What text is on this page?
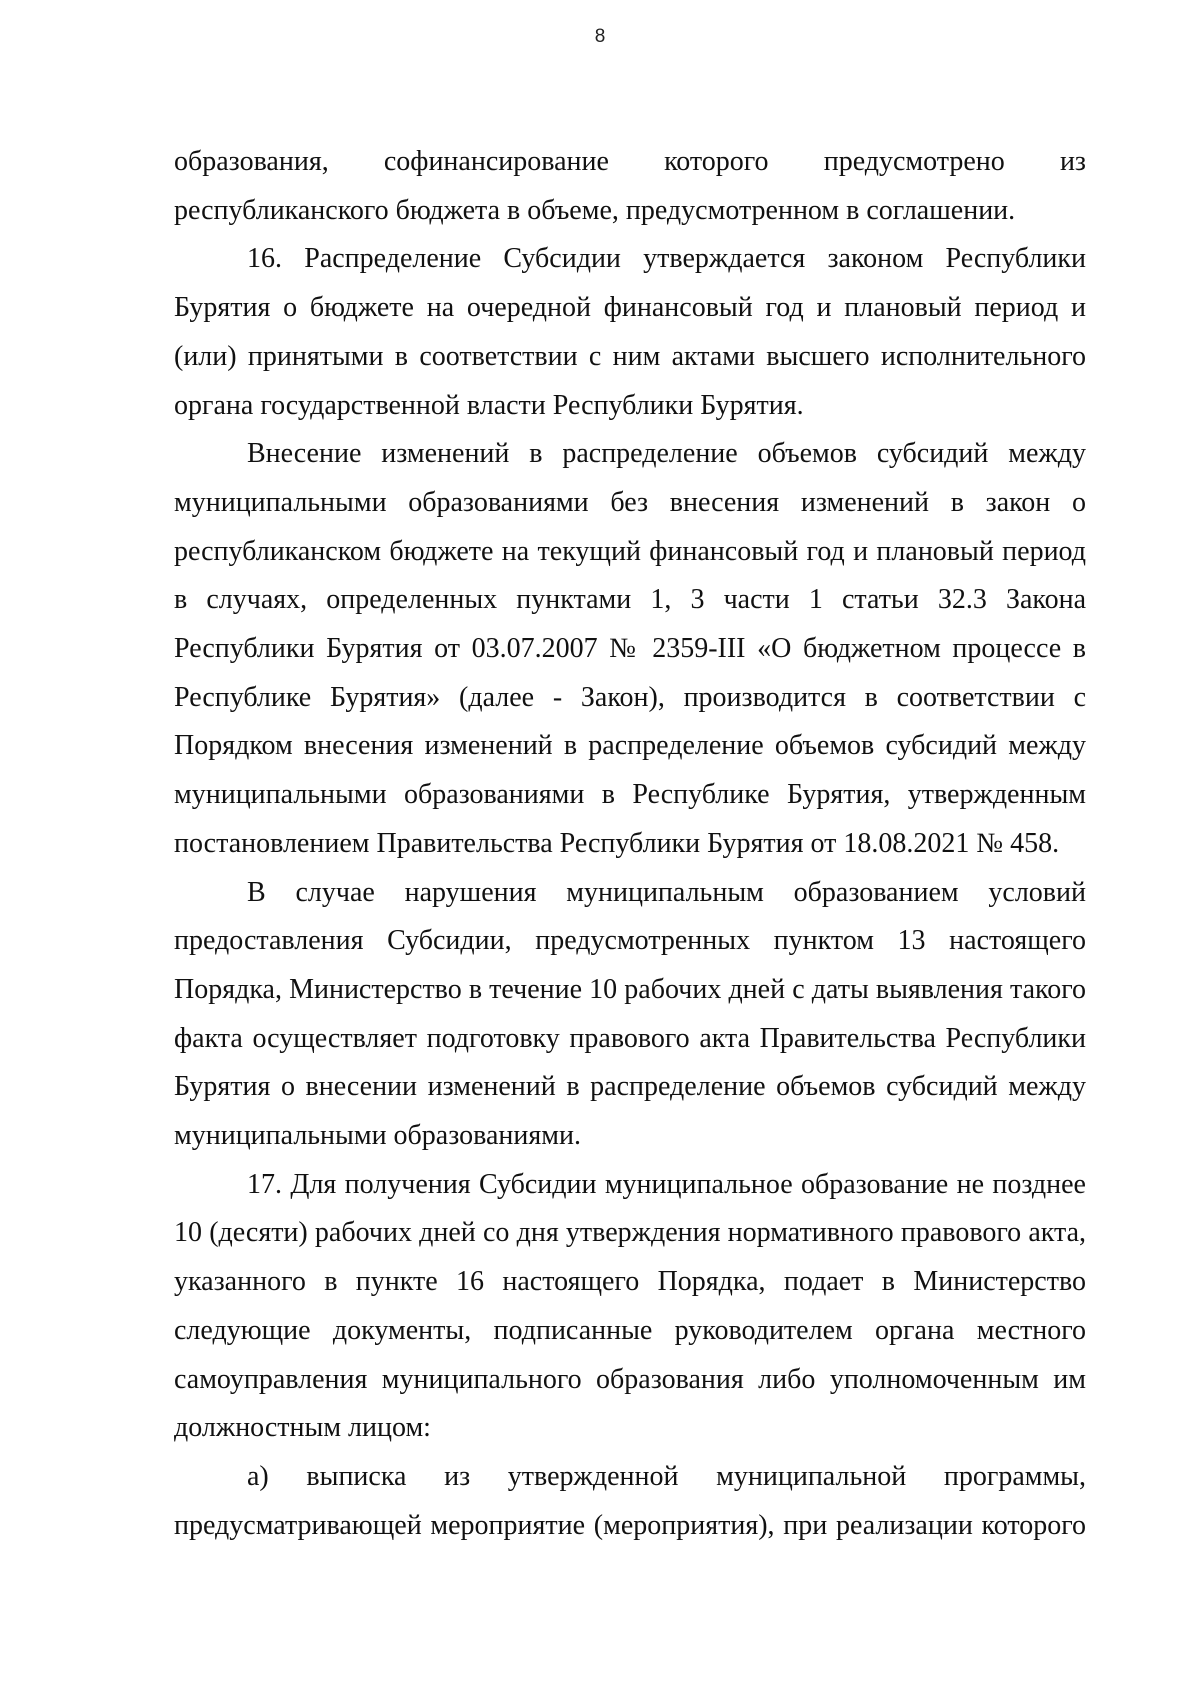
8

образования, софинансирование которого предусмотрено из республиканского бюджета в объеме, предусмотренном в соглашении.

16. Распределение Субсидии утверждается законом Республики Бурятия о бюджете на очередной финансовый год и плановый период и (или) принятыми в соответствии с ним актами высшего исполнительного органа государственной власти Республики Бурятия.

Внесение изменений в распределение объемов субсидий между муниципальными образованиями без внесения изменений в закон о республиканском бюджете на текущий финансовый год и плановый период в случаях, определенных пунктами 1, 3 части 1 статьи 32.3 Закона Республики Бурятия от 03.07.2007 № 2359-III «О бюджетном процессе в Республике Бурятия» (далее - Закон), производится в соответствии с Порядком внесения изменений в распределение объемов субсидий между муниципальными образованиями в Республике Бурятия, утвержденным постановлением Правительства Республики Бурятия от 18.08.2021 № 458.

В случае нарушения муниципальным образованием условий предоставления Субсидии, предусмотренных пунктом 13 настоящего Порядка, Министерство в течение 10 рабочих дней с даты выявления такого факта осуществляет подготовку правового акта Правительства Республики Бурятия о внесении изменений в распределение объемов субсидий между муниципальными образованиями.

17. Для получения Субсидии муниципальное образование не позднее 10 (десяти) рабочих дней со дня утверждения нормативного правового акта, указанного в пункте 16 настоящего Порядка, подает в Министерство следующие документы, подписанные руководителем органа местного самоуправления муниципального образования либо уполномоченным им должностным лицом:

а) выписка из утвержденной муниципальной программы, предусматривающей мероприятие (мероприятия), при реализации которого
